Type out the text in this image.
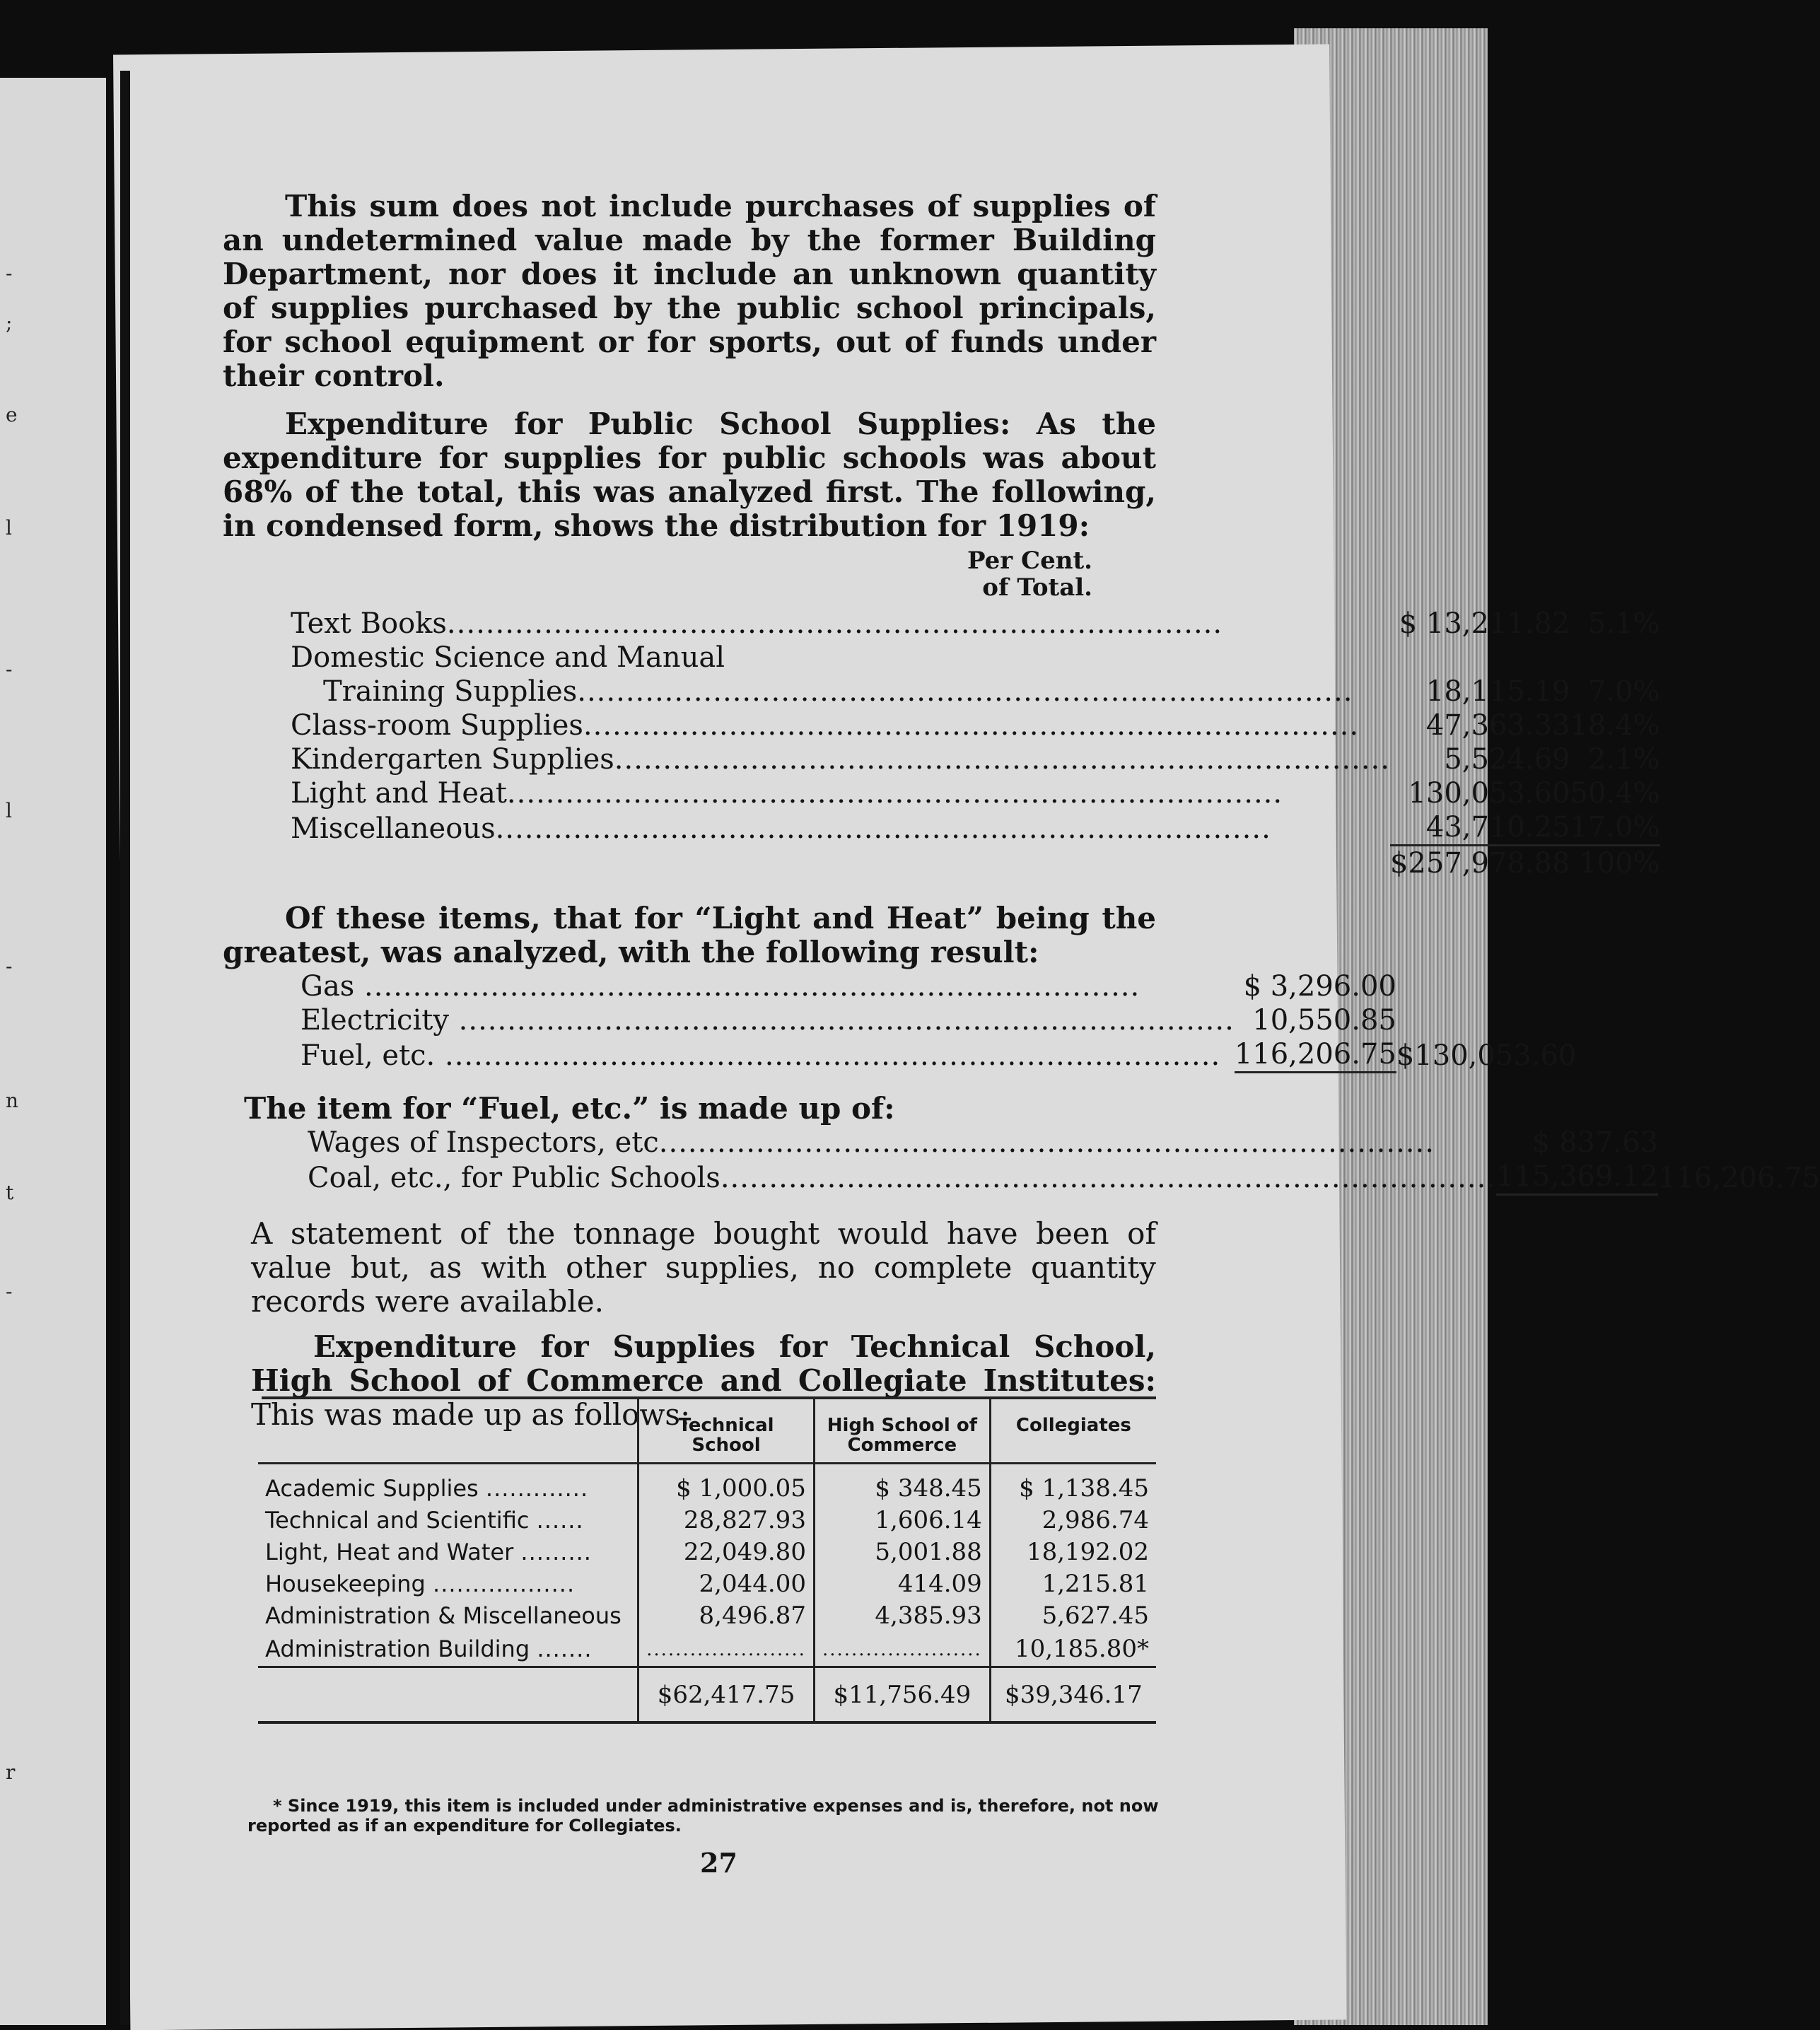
-
;
e
l
-
l
-
n
t
-
r

This sum does not include purchases of supplies of an undetermined value made by the former Building Department, nor does it include an unknown quantity of supplies purchased by the public school principals, for school equipment or for sports, out of funds under their control.

Expenditure for Public School Supplies: As the expenditure for supplies for public schools was about 68% of the total, this was analyzed first. The following, in condensed form, shows the distribution for 1919:

Per Cent.
of Total.
Text Books................................................................................	$ 13,211.82	5.1%
Domestic Science and Manual		
Training Supplies................................................................................	18,115.19	7.0%
Class-room Supplies................................................................................	47,363.33	18.4%
Kindergarten Supplies................................................................................	5,524.69	2.1%
Light and Heat................................................................................	130,053.60	50.4%
Miscellaneous................................................................................	43,710.25	17.0%
	$257,978.88	100%

Of these items, that for “Light and Heat” being the greatest, was analyzed, with the following result:

Gas ................................................................................	$ 3,296.00	
Electricity ................................................................................	10,550.85	
Fuel, etc. ................................................................................	116,206.75	$130,053.60

The item for “Fuel, etc.” is made up of:

Wages of Inspectors, etc................................................................................	$ 837.63	
Coal, etc., for Public Schools................................................................................	115,369.12	116,206.75

A statement of the tonnage bought would have been of value but, as with other supplies, no complete quantity records were available.

Expenditure for Supplies for Technical School, High School of Commerce and Collegiate Institutes: This was made up as follows:

	Technical School	High School of Commerce	Collegiates
Academic Supplies .............	$ 1,000.05	$ 348.45	$ 1,138.45
Technical and Scientific ......	28,827.93	1,606.14	2,986.74
Light, Heat and Water .........	22,049.80	5,001.88	18,192.02
Housekeeping ..................	2,044.00	414.09	1,215.81
Administration & Miscellaneous	8,496.87	4,385.93	5,627.45
Administration Building .......	......................	......................	10,185.80*
	$62,417.75	$11,756.49	$39,346.17

* Since 1919, this item is included under administrative expenses and is, therefore, not now reported as if an expenditure for Collegiates.
27
